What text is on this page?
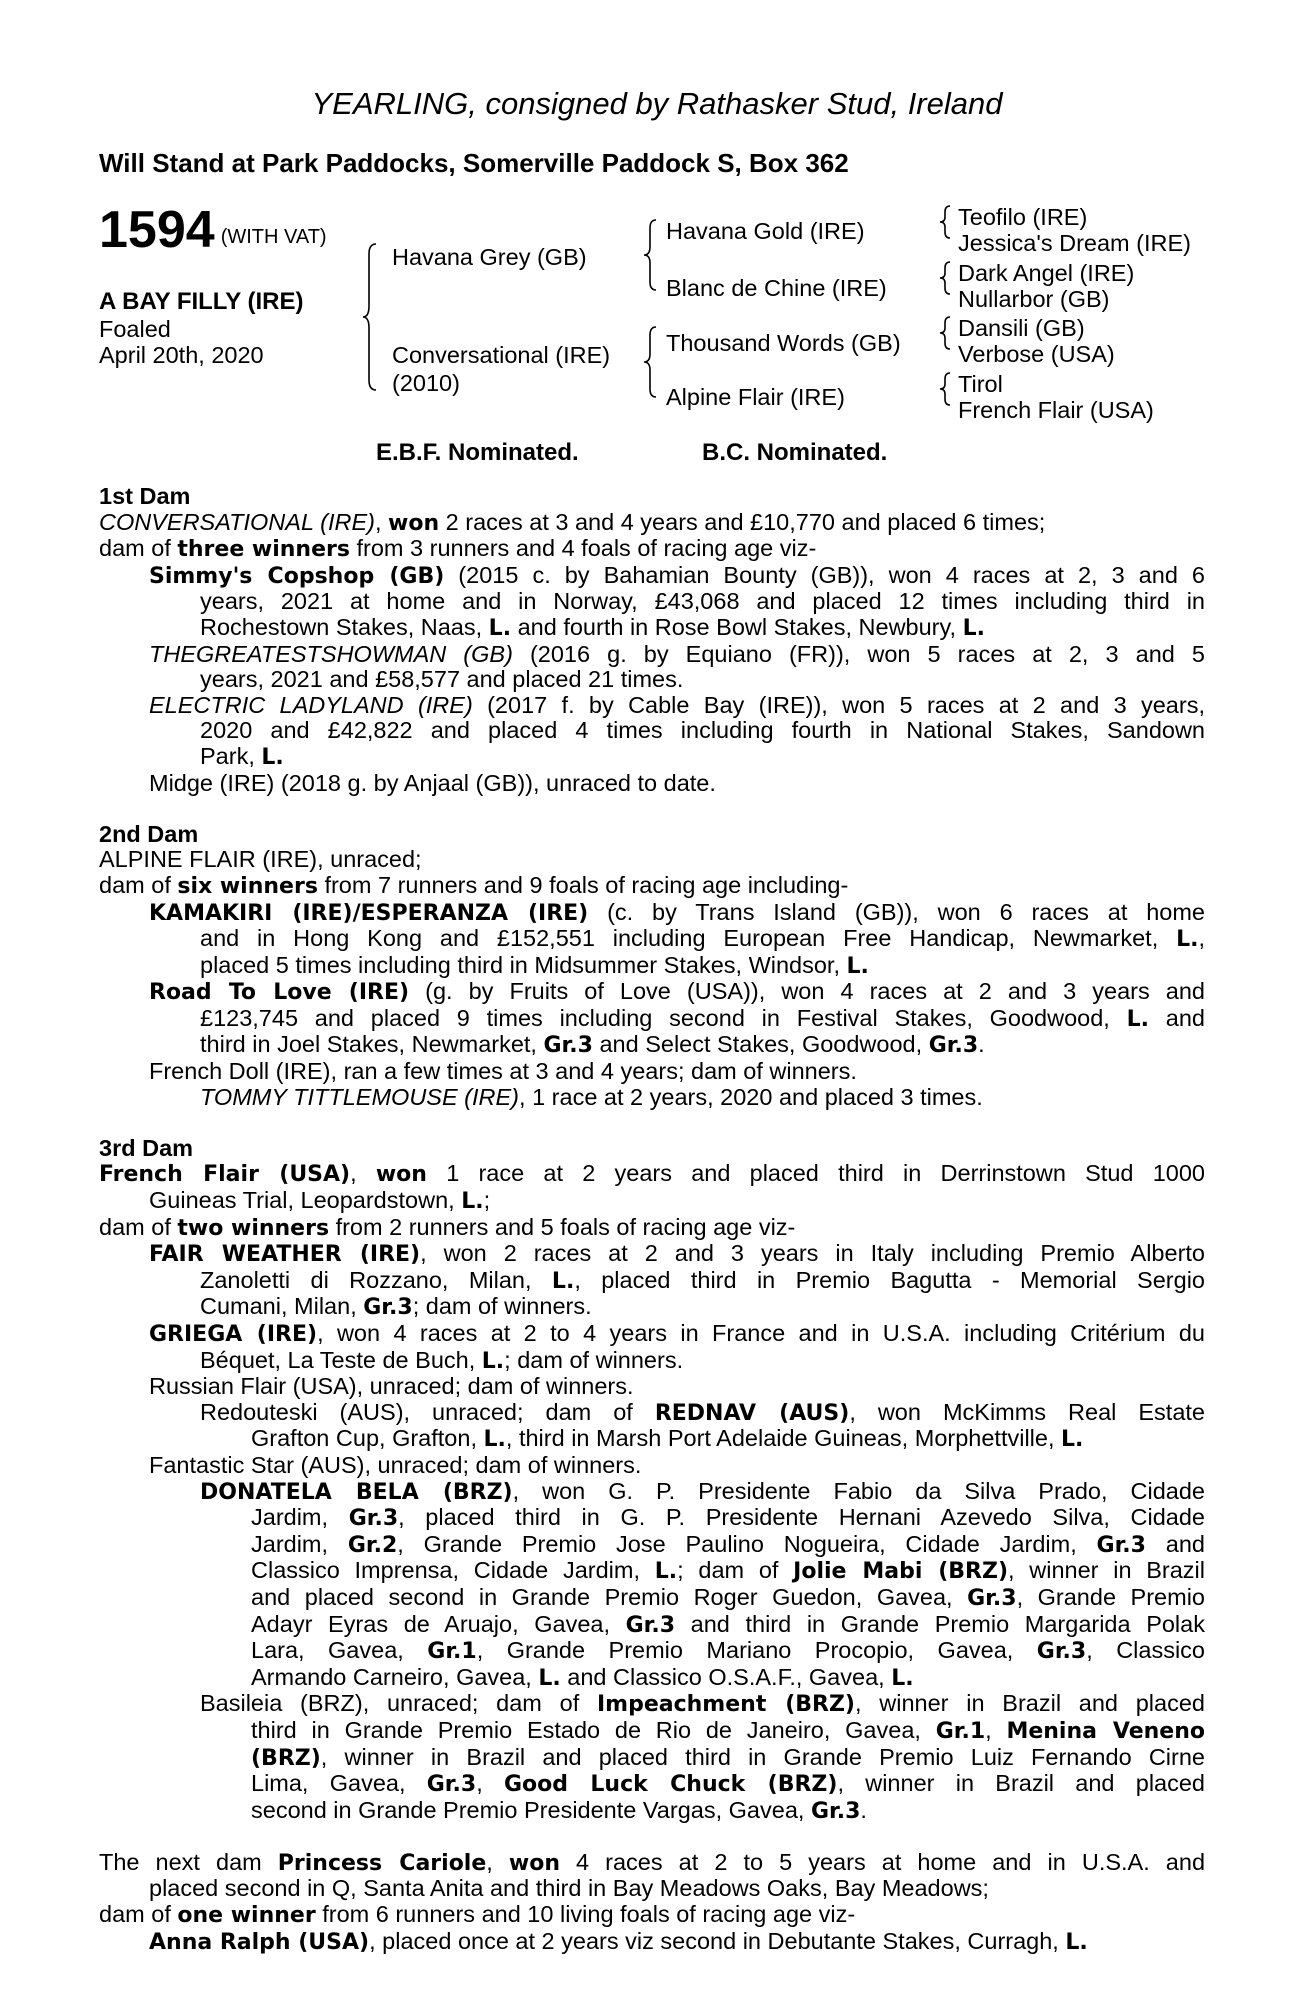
YEARLING, consigned by Rathasker Stud, Ireland
Will Stand at Park Paddocks, Somerville Paddock S, Box 362
1594 (WITH VAT)
A BAY FILLY (IRE)
Foaled
April 20th, 2020
Havana Grey (GB)
Conversational (IRE)
(2010)
Havana Gold (IRE)
Blanc de Chine (IRE)
Thousand Words (GB)
Alpine Flair (IRE)
Teofilo (IRE)
Jessica's Dream (IRE)
Dark Angel (IRE)
Nullarbor (GB)
Dansili (GB)
Verbose (USA)
Tirol
French Flair (USA)
E.B.F. Nominated.	B.C. Nominated.
1st Dam
CONVERSATIONAL (IRE), won 2 races at 3 and 4 years and £10,770 and placed 6 times;
dam of three winners from 3 runners and 4 foals of racing age viz-
Simmy's Copshop (GB) (2015 c. by Bahamian Bounty (GB)), won 4 races at 2, 3 and 6
years, 2021 at home and in Norway, £43,068 and placed 12 times including third in
Rochestown Stakes, Naas, L. and fourth in Rose Bowl Stakes, Newbury, L.
THEGREATESTSHOWMAN (GB) (2016 g. by Equiano (FR)), won 5 races at 2, 3 and 5
years, 2021 and £58,577 and placed 21 times.
ELECTRIC LADYLAND (IRE) (2017 f. by Cable Bay (IRE)), won 5 races at 2 and 3 years,
2020 and £42,822 and placed 4 times including fourth in National Stakes, Sandown
Park, L.
Midge (IRE) (2018 g. by Anjaal (GB)), unraced to date.
2nd Dam
ALPINE FLAIR (IRE), unraced;
dam of six winners from 7 runners and 9 foals of racing age including-
KAMAKIRI (IRE)/ESPERANZA (IRE) (c. by Trans Island (GB)), won 6 races at home
and in Hong Kong and £152,551 including European Free Handicap, Newmarket, L.,
placed 5 times including third in Midsummer Stakes, Windsor, L.
Road To Love (IRE) (g. by Fruits of Love (USA)), won 4 races at 2 and 3 years and
£123,745 and placed 9 times including second in Festival Stakes, Goodwood, L. and
third in Joel Stakes, Newmarket, Gr.3 and Select Stakes, Goodwood, Gr.3.
French Doll (IRE), ran a few times at 3 and 4 years; dam of winners.
TOMMY TITTLEMOUSE (IRE), 1 race at 2 years, 2020 and placed 3 times.
3rd Dam
French Flair (USA), won 1 race at 2 years and placed third in Derrinstown Stud 1000
Guineas Trial, Leopardstown, L.;
dam of two winners from 2 runners and 5 foals of racing age viz-
FAIR WEATHER (IRE), won 2 races at 2 and 3 years in Italy including Premio Alberto
Zanoletti di Rozzano, Milan, L., placed third in Premio Bagutta - Memorial Sergio
Cumani, Milan, Gr.3; dam of winners.
GRIEGA (IRE), won 4 races at 2 to 4 years in France and in U.S.A. including Critérium du
Béquet, La Teste de Buch, L.; dam of winners.
Russian Flair (USA), unraced; dam of winners.
Redouteski (AUS), unraced; dam of REDNAV (AUS), won McKimms Real Estate
Grafton Cup, Grafton, L., third in Marsh Port Adelaide Guineas, Morphettville, L.
Fantastic Star (AUS), unraced; dam of winners.
DONATELA BELA (BRZ), won G. P. Presidente Fabio da Silva Prado, Cidade
Jardim, Gr.3, placed third in G. P. Presidente Hernani Azevedo Silva, Cidade
Jardim, Gr.2, Grande Premio Jose Paulino Nogueira, Cidade Jardim, Gr.3 and
Classico Imprensa, Cidade Jardim, L.; dam of Jolie Mabi (BRZ), winner in Brazil
and placed second in Grande Premio Roger Guedon, Gavea, Gr.3, Grande Premio
Adayr Eyras de Aruajo, Gavea, Gr.3 and third in Grande Premio Margarida Polak
Lara, Gavea, Gr.1, Grande Premio Mariano Procopio, Gavea, Gr.3, Classico
Armando Carneiro, Gavea, L. and Classico O.S.A.F., Gavea, L.
Basileia (BRZ), unraced; dam of Impeachment (BRZ), winner in Brazil and placed
third in Grande Premio Estado de Rio de Janeiro, Gavea, Gr.1, Menina Veneno
(BRZ), winner in Brazil and placed third in Grande Premio Luiz Fernando Cirne
Lima, Gavea, Gr.3, Good Luck Chuck (BRZ), winner in Brazil and placed
second in Grande Premio Presidente Vargas, Gavea, Gr.3.
The next dam Princess Cariole, won 4 races at 2 to 5 years at home and in U.S.A. and
placed second in Q, Santa Anita and third in Bay Meadows Oaks, Bay Meadows;
dam of one winner from 6 runners and 10 living foals of racing age viz-
Anna Ralph (USA), placed once at 2 years viz second in Debutante Stakes, Curragh, L.
